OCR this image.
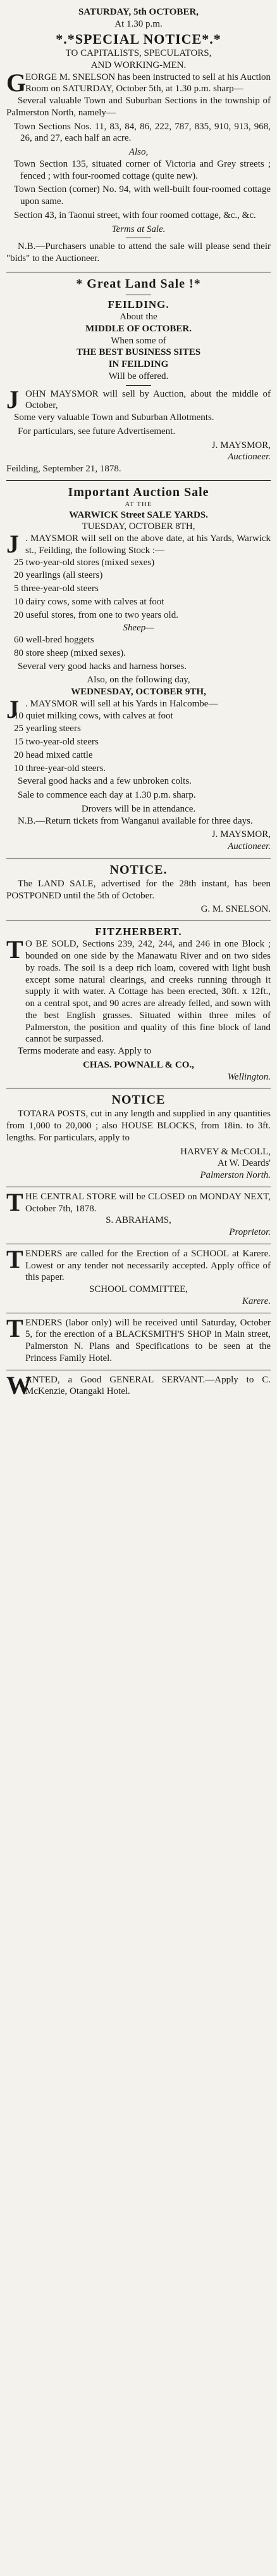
SATURDAY, 5th OCTOBER,
At 1.30 p.m.
*.*SPECIAL NOTICE*.*
TO CAPITALISTS, SPECULATORS,
AND WORKING-MEN.
G
EORGE M. SNELSON has been instructed to sell at his Auction Room on SATURDAY, October 5th, at 1.30 p.m. sharp—

Several valuable Town and Suburban Sections in the township of Palmerston North, namely—

Town Sections Nos. 11, 83, 84, 86, 222, 787, 835, 910, 913, 968, 26, and 27, each half an acre.

Also,

Town Section 135, situated corner of Victoria and Grey streets ; fenced ; with four-roomed cottage (quite new).

Town Section (corner) No. 94, with well-built four-roomed cottage upon same.

Section 43, in Taonui street, with four roomed cottage, &c., &c.

Terms at Sale.

N.B.—Purchasers unable to attend the sale will please send their "bids" to the Auctioneer.

* Great Land Sale !*
FEILDING.
About the
MIDDLE OF OCTOBER.
When some of
THE BEST BUSINESS SITES
IN FEILDING
Will be offered.
J OHN MAYSMOR will sell by Auction, about the middle of October,

Some very valuable Town and Suburban Allotments.

For particulars, see future Advertisement.

J. MAYSMOR,
Auctioneer.
Feilding, September 21, 1878.
Important Auction Sale
AT THE
WARWICK Street SALE YARDS.
TUESDAY, OCTOBER 8TH,
J . MAYSMOR will sell on the above date, at his Yards, Warwick st., Feilding, the following Stock :—
25 two-year-old stores (mixed sexes)
20 yearlings (all steers)
5 three-year-old steers
10 dairy cows, some with calves at foot
20 useful stores, from one to two years old.
Sheep—
60 well-bred hoggets
80 store sheep (mixed sexes).

Several very good hacks and harness horses.

Also, on the following day,
WEDNESDAY, OCTOBER 9TH,
J . MAYSMOR will sell at his Yards in Halcombe—
10 quiet milking cows, with calves at foot
25 yearling steers
15 two-year-old steers
20 head mixed cattle
10 three-year-old steers.

Several good hacks and a few unbroken colts.

Sale to commence each day at 1.30 p.m. sharp.

Drovers will be in attendance.

N.B.—Return tickets from Wanganui available for three days.

J. MAYSMOR,
Auctioneer.
NOTICE.

The LAND SALE, advertised for the 28th instant, has been POSTPONED until the 5th of October.

G. M. SNELSON.
FITZHERBERT.
T O BE SOLD, Sections 239, 242, 244, and 246 in one Block ; bounded on one side by the Manawatu River and on two sides by roads. The soil is a deep rich loam, covered with light bush except some natural clearings, and creeks running through it supply it with water. A Cottage has been erected, 30ft. x 12ft., on a central spot, and 90 acres are already felled, and sown with the best English grasses. Situated within three miles of Palmerston, the position and quality of this fine block of land cannot be surpassed.

Terms moderate and easy. Apply to

CHAS. POWNALL & CO.,
Wellington.
NOTICE

TOTARA POSTS, cut in any length and supplied in any quantities from 1,000 to 20,000 ; also HOUSE BLOCKS, from 18in. to 3ft. lengths. For particulars, apply to

HARVEY & McCOLL,
At W. Deards'
Palmerston North.
T HE CENTRAL STORE will be CLOSED on MONDAY NEXT, October 7th, 1878.
S. ABRAHAMS,
Proprietor.
T ENDERS are called for the Erection of a SCHOOL at Karere. Lowest or any tender not necessarily accepted. Apply office of this paper.
SCHOOL COMMITTEE,
Karere.
T ENDERS (labor only) will be received until Saturday, October 5, for the erection of a BLACKSMITH'S SHOP in Main street, Palmerston N. Plans and Specifications to be seen at the Princess Family Hotel.
W
ANTED, a Good GENERAL SERVANT.—Apply to C. McKenzie, Otangaki Hotel.
